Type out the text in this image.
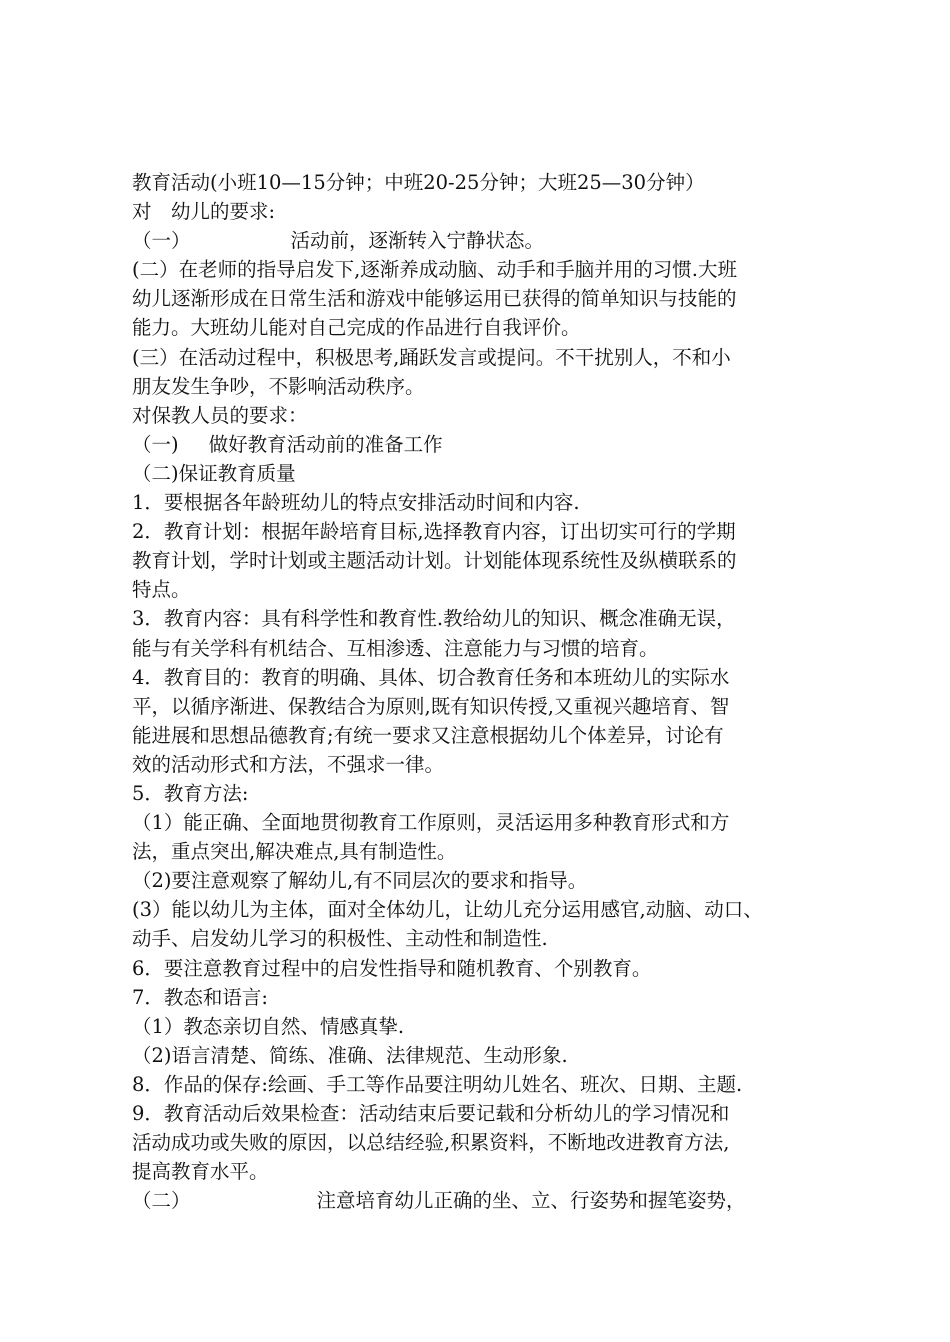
教育活动(小班10—15分钟；中班20-25分钟；大班25—30分钟）
对　幼儿的要求:
（一）	活动前，逐渐转入宁静状态。
(二）在老师的指导启发下,逐渐养成动脑、动手和手脑并用的习惯.大班
幼儿逐渐形成在日常生活和游戏中能够运用已获得的简单知识与技能的
能力。大班幼儿能对自己完成的作品进行自我评价。
(三）在活动过程中，积极思考,踊跃发言或提问。不干扰别人，不和小
朋友发生争吵，不影响活动秩序。
对保教人员的要求：
（一) 做好教育活动前的准备工作
（二)保证教育质量
1．要根据各年龄班幼儿的特点安排活动时间和内容.
2．教育计划：根据年龄培育目标,选择教育内容，订出切实可行的学期
教育计划，学时计划或主题活动计划。计划能体现系统性及纵横联系的
特点。
3．教育内容：具有科学性和教育性.教给幼儿的知识、概念准确无误，
能与有关学科有机结合、互相渗透、注意能力与习惯的培育。
4．教育目的：教育的明确、具体、切合教育任务和本班幼儿的实际水
平，以循序渐进、保教结合为原则,既有知识传授,又重视兴趣培育、智
能进展和思想品德教育;有统一要求又注意根据幼儿个体差异，讨论有
效的活动形式和方法，不强求一律。
5．教育方法:
（1）能正确、全面地贯彻教育工作原则，灵活运用多种教育形式和方
法，重点突出,解决难点,具有制造性。
（2)要注意观察了解幼儿,有不同层次的要求和指导。
(3）能以幼儿为主体，面对全体幼儿，让幼儿充分运用感官,动脑、动口、
动手、启发幼儿学习的积极性、主动性和制造性.
6．要注意教育过程中的启发性指导和随机教育、个别教育。
7．教态和语言:
（1）教态亲切自然、情感真挚.
（2)语言清楚、简练、准确、法律规范、生动形象.
8．作品的保存:绘画、手工等作品要注明幼儿姓名、班次、日期、主题.
9．教育活动后效果检查：活动结束后要记载和分析幼儿的学习情况和
活动成功或失败的原因，以总结经验,积累资料，不断地改进教育方法,
提高教育水平。
（二）	注意培育幼儿正确的坐、立、行姿势和握笔姿势，
